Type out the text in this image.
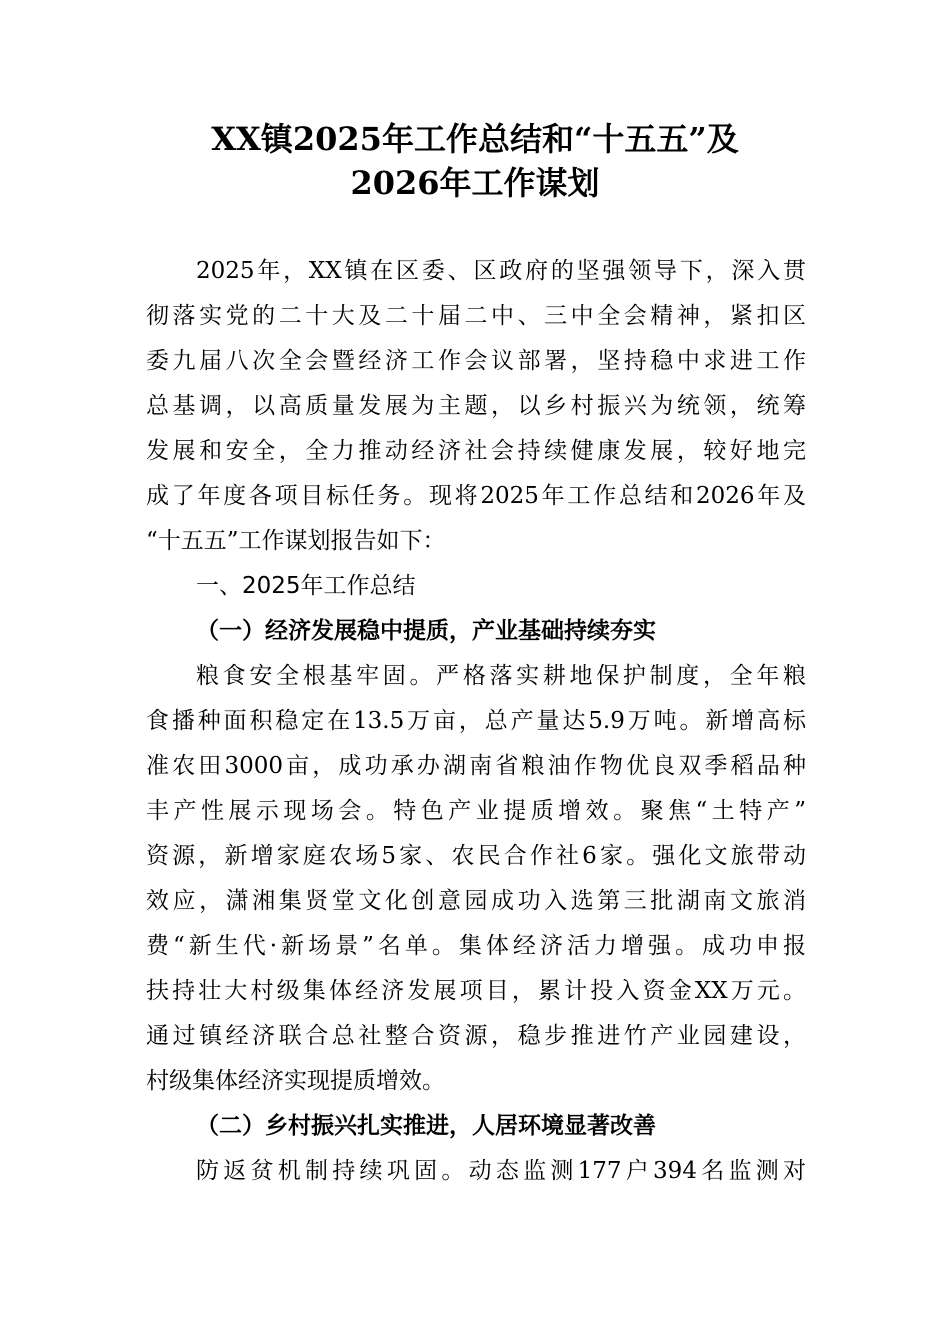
XX镇2025年工作总结和“十五五”及
2026年工作谋划
2025年，XX镇在区委、区政府的坚强领导下，深入贯
彻落实党的二十大及二十届二中、三中全会精神，紧扣区
委九届八次全会暨经济工作会议部署，坚持稳中求进工作
总基调，以高质量发展为主题，以乡村振兴为统领，统筹
发展和安全，全力推动经济社会持续健康发展，较好地完
成了年度各项目标任务。现将2025年工作总结和2026年及
“十五五”工作谋划报告如下：
一、2025年工作总结
（一）经济发展稳中提质，产业基础持续夯实
粮食安全根基牢固。严格落实耕地保护制度，全年粮
食播种面积稳定在13.5万亩，总产量达5.9万吨。新增高标
准农田3000亩，成功承办湖南省粮油作物优良双季稻品种
丰产性展示现场会。特色产业提质增效。聚焦“土特产”
资源，新增家庭农场5家、农民合作社6家。强化文旅带动
效应，潇湘集贤堂文化创意园成功入选第三批湖南文旅消
费“新生代·新场景”名单。集体经济活力增强。成功申报
扶持壮大村级集体经济发展项目，累计投入资金XX万元。
通过镇经济联合总社整合资源，稳步推进竹产业园建设，
村级集体经济实现提质增效。
（二）乡村振兴扎实推进，人居环境显著改善
防返贫机制持续巩固。动态监测177户394名监测对
